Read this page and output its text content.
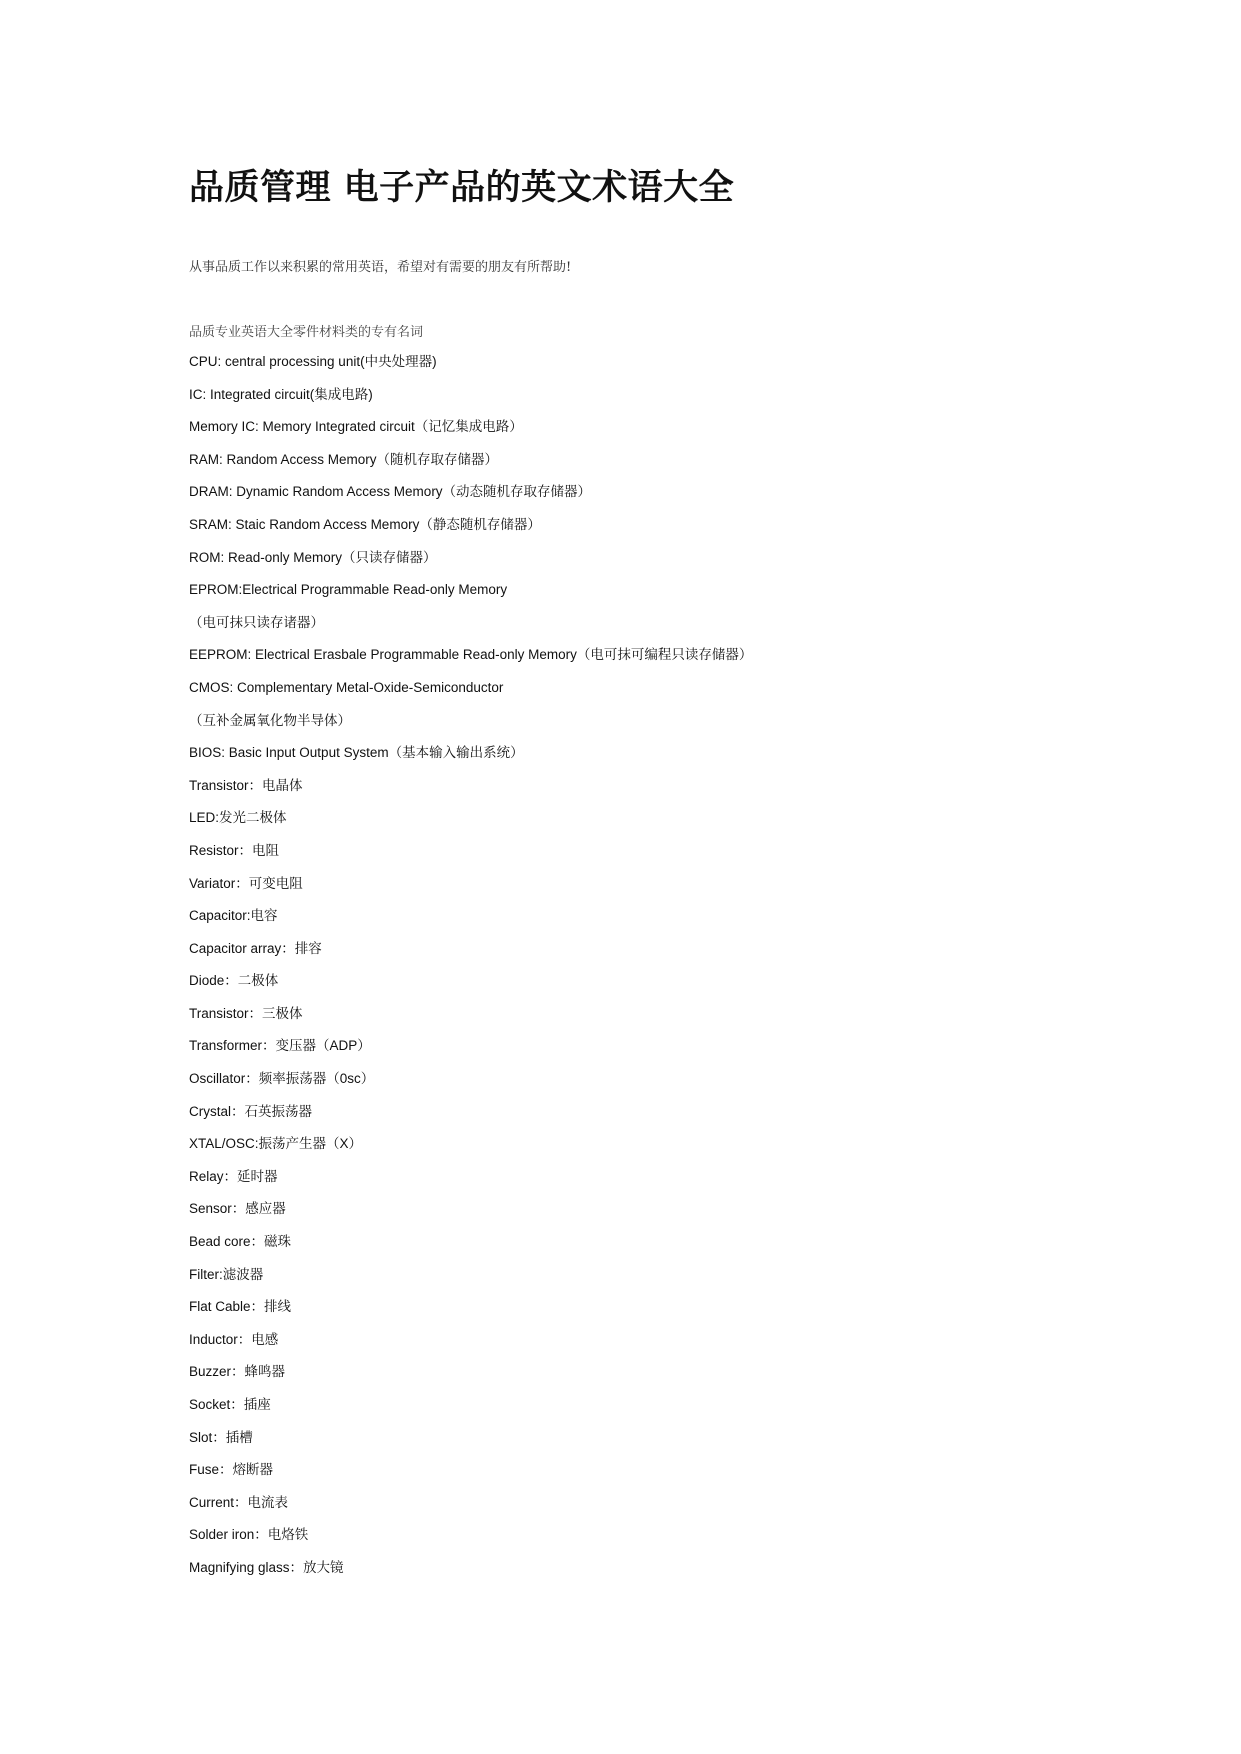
品质管理 电子产品的英文术语大全
从事品质工作以来积累的常用英语，希望对有需要的朋友有所帮助!
品质专业英语大全零件材料类的专有名词
CPU: central processing unit(中央处理器)
IC: Integrated circuit(集成电路)
Memory IC: Memory Integrated circuit（记忆集成电路）
RAM: Random Access Memory（随机存取存储器）
DRAM: Dynamic Random Access Memory（动态随机存取存储器）
SRAM: Staic Random Access Memory（静态随机存储器）
ROM: Read-only Memory（只读存储器）
EPROM:Electrical Programmable Read-only Memory
（电可抹只读存诸器）
EEPROM: Electrical Erasbale Programmable Read-only Memory（电可抹可编程只读存储器）
CMOS: Complementary Metal-Oxide-Semiconductor
（互补金属氧化物半导体）
BIOS: Basic Input Output System（基本输入输出系统）
Transistor：电晶体
LED:发光二极体
Resistor：电阻
Variator：可变电阻
Capacitor:电容
Capacitor array：排容
Diode：二极体
Transistor：三极体
Transformer：变压器（ADP）
Oscillator：频率振荡器（0sc）
Crystal：石英振荡器
XTAL/OSC:振荡产生器（X）
Relay：延时器
Sensor：感应器
Bead core：磁珠
Filter:滤波器
Flat Cable：排线
Inductor：电感
Buzzer：蜂鸣器
Socket：插座
Slot：插槽
Fuse：熔断器
Current：电流表
Solder iron：电烙铁
Magnifying glass：放大镜
